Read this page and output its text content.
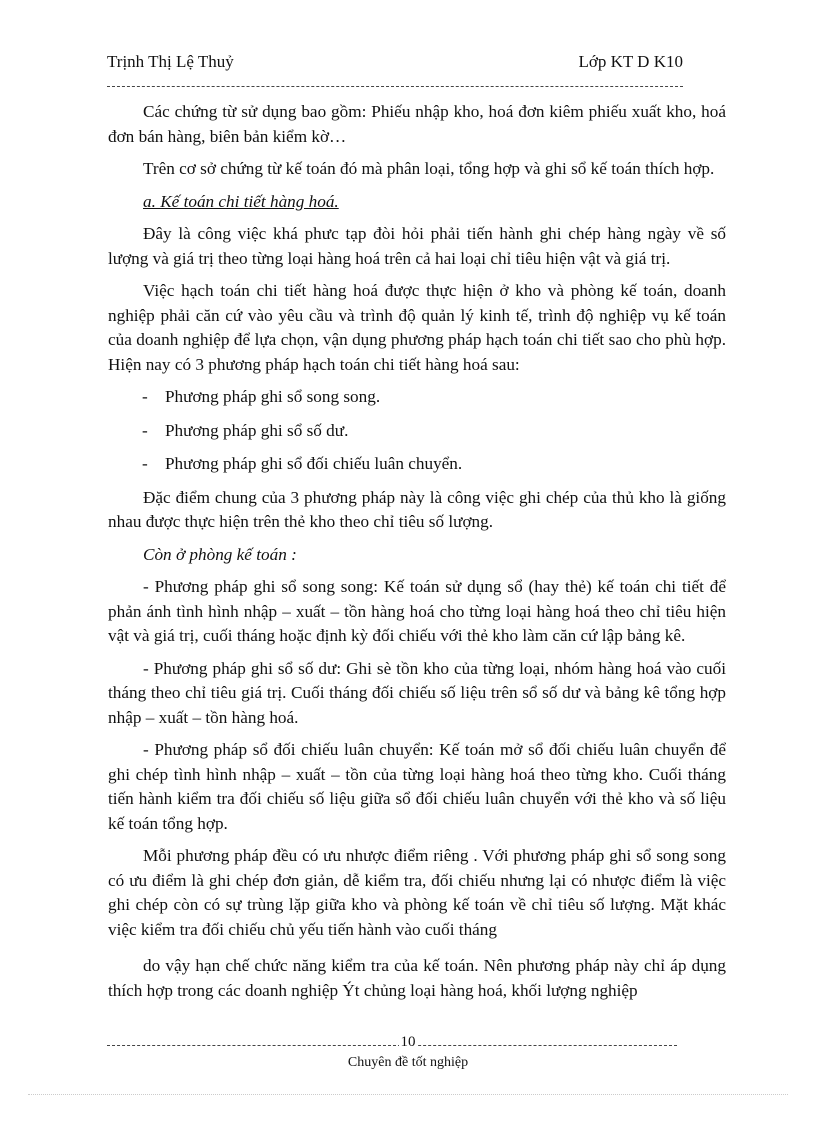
Trịnh Thị Lệ Thuỷ	Lớp KT D K10

Các chứng từ sử dụng bao gồm: Phiếu nhập kho, hoá đơn kiêm phiếu xuất kho, hoá đơn bán hàng, biên bản kiểm kờ…

Trên cơ sở chứng từ kế toán đó mà phân loại, tổng hợp và ghi sổ kế toán thích hợp.

a. Kế toán chi tiết hàng hoá.

Đây là công việc khá phưc tạp đòi hỏi phải tiến hành ghi chép hàng ngày về số lượng và giá trị theo từng loại hàng hoá trên cả hai loại chỉ tiêu hiện vật và giá trị.

Việc hạch toán chi tiết hàng hoá được thực hiện ở kho và phòng kế toán, doanh nghiệp phải căn cứ vào yêu cầu và trình độ quản lý kinh tế, trình độ nghiệp vụ kế toán của doanh nghiệp để lựa chọn, vận dụng phương pháp hạch toán chi tiết sao cho phù hợp. Hiện nay có 3 phương pháp hạch toán chi tiết hàng hoá sau:

- Phương pháp ghi sổ song song.
- Phương pháp ghi sổ số dư.
- Phương pháp ghi sổ đối chiếu luân chuyển.

Đặc điểm chung của 3 phương pháp này là công việc ghi chép của thủ kho là giống nhau được thực hiện trên thẻ kho theo chỉ tiêu số lượng.

Còn ở phòng kế toán :

- Phương pháp ghi sổ song song: Kế toán sử dụng sổ (hay thẻ) kế toán chi tiết để phản ánh tình hình nhập – xuất – tồn hàng hoá cho từng loại hàng hoá theo chỉ tiêu hiện vật và giá trị, cuối tháng hoặc định kỳ đối chiếu với thẻ kho làm căn cứ lập bảng kê.

- Phương pháp ghi sổ số dư: Ghi sè tồn kho của từng loại, nhóm hàng hoá vào cuối tháng theo chỉ tiêu giá trị. Cuối tháng đối chiếu số liệu trên sổ số dư và bảng kê tổng hợp nhập – xuất – tồn hàng hoá.

- Phương pháp sổ đối chiếu luân chuyển: Kế toán mở sổ đối chiếu luân chuyển để ghi chép tình hình nhập – xuất – tồn của từng loại hàng hoá theo từng kho. Cuối tháng tiến hành kiểm tra đối chiếu số liệu giữa sổ đối chiếu luân chuyển với thẻ kho và số liệu kế toán tổng hợp.

Mỗi phương pháp đều có ưu nhược điểm riêng . Với phương pháp ghi sổ song song có ưu điểm là ghi chép đơn giản, dễ kiểm tra, đối chiếu nhưng lại có nhược điểm là việc ghi chép còn có sự trùng lặp giữa kho và phòng kế toán về chỉ tiêu số lượng. Mặt khác việc kiểm tra đối chiếu chủ yếu tiến hành vào cuối tháng

do vậy hạn chế chức năng kiểm tra của kế toán. Nên phương pháp này chỉ áp dụng thích hợp trong các doanh nghiệp Ýt chủng loại hàng hoá, khối lượng nghiệp

10
Chuyên đề tốt nghiệp
